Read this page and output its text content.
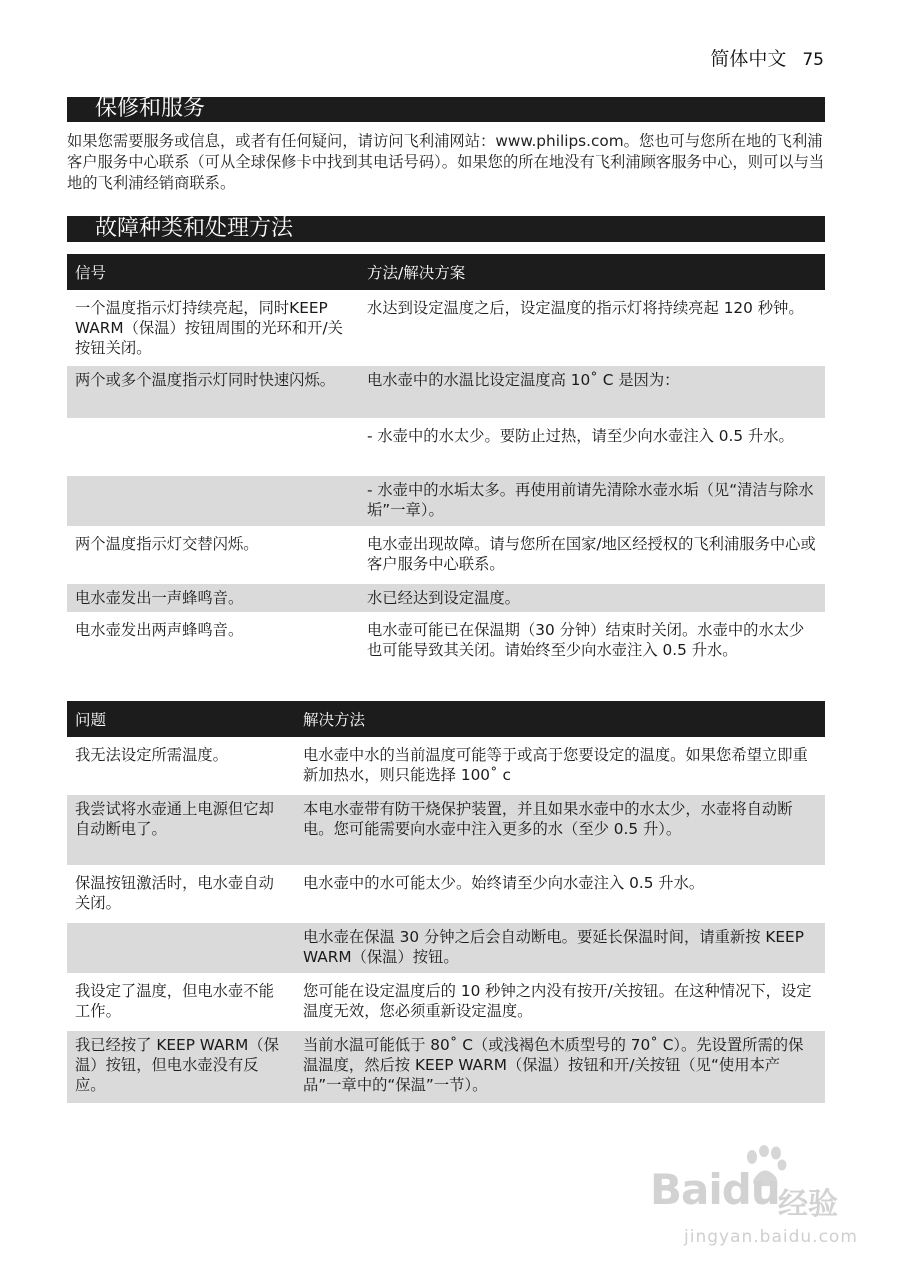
简体中文 75
保修和服务
如果您需要服务或信息，或者有任何疑问，请访问飞利浦网站：www.philips.com。您也可与您所在地的飞利浦客户服务中心联系（可从全球保修卡中找到其电话号码）。如果您的所在地没有飞利浦顾客服务中心，则可以与当地的飞利浦经销商联系。
故障种类和处理方法
信号	方法/解决方案
一个温度指示灯持续亮起，同时KEEP WARM（保温）按钮周围的光环和开/关按钮关闭。	水达到设定温度之后，设定温度的指示灯将持续亮起 120 秒钟。
两个或多个温度指示灯同时快速闪烁。	电水壶中的水温比设定温度高 10˚ C 是因为：
	- 水壶中的水太少。要防止过热，请至少向水壶注入 0.5 升水。
	- 水壶中的水垢太多。再使用前请先清除水壶水垢（见“清洁与除水垢”一章）。
两个温度指示灯交替闪烁。	电水壶出现故障。请与您所在国家/地区经授权的飞利浦服务中心或客户服务中心联系。
电水壶发出一声蜂鸣音。	水已经达到设定温度。
电水壶发出两声蜂鸣音。	电水壶可能已在保温期（30 分钟）结束时关闭。水壶中的水太少也可能导致其关闭。请始终至少向水壶注入 0.5 升水。
问题	解决方法
我无法设定所需温度。	电水壶中水的当前温度可能等于或高于您要设定的温度。如果您希望立即重新加热水，则只能选择 100˚ c
我尝试将水壶通上电源但它却自动断电了。	本电水壶带有防干烧保护装置，并且如果水壶中的水太少，水壶将自动断电。您可能需要向水壶中注入更多的水（至少 0.5 升）。
保温按钮激活时，电水壶自动关闭。	电水壶中的水可能太少。始终请至少向水壶注入 0.5 升水。
	电水壶在保温 30 分钟之后会自动断电。要延长保温时间，请重新按 KEEP WARM（保温）按钮。
我设定了温度，但电水壶不能工作。	您可能在设定温度后的 10 秒钟之内没有按开/关按钮。在这种情况下，设定温度无效，您必须重新设定温度。
我已经按了 KEEP WARM（保温）按钮，但电水壶没有反应。	当前水温可能低于 80˚ C（或浅褐色木质型号的 70˚ C）。先设置所需的保温温度，然后按 KEEP WARM（保温）按钮和开/关按钮（见“使用本产品”一章中的“保温”一节）。
Baidu
经验
jingyan.baidu.com
